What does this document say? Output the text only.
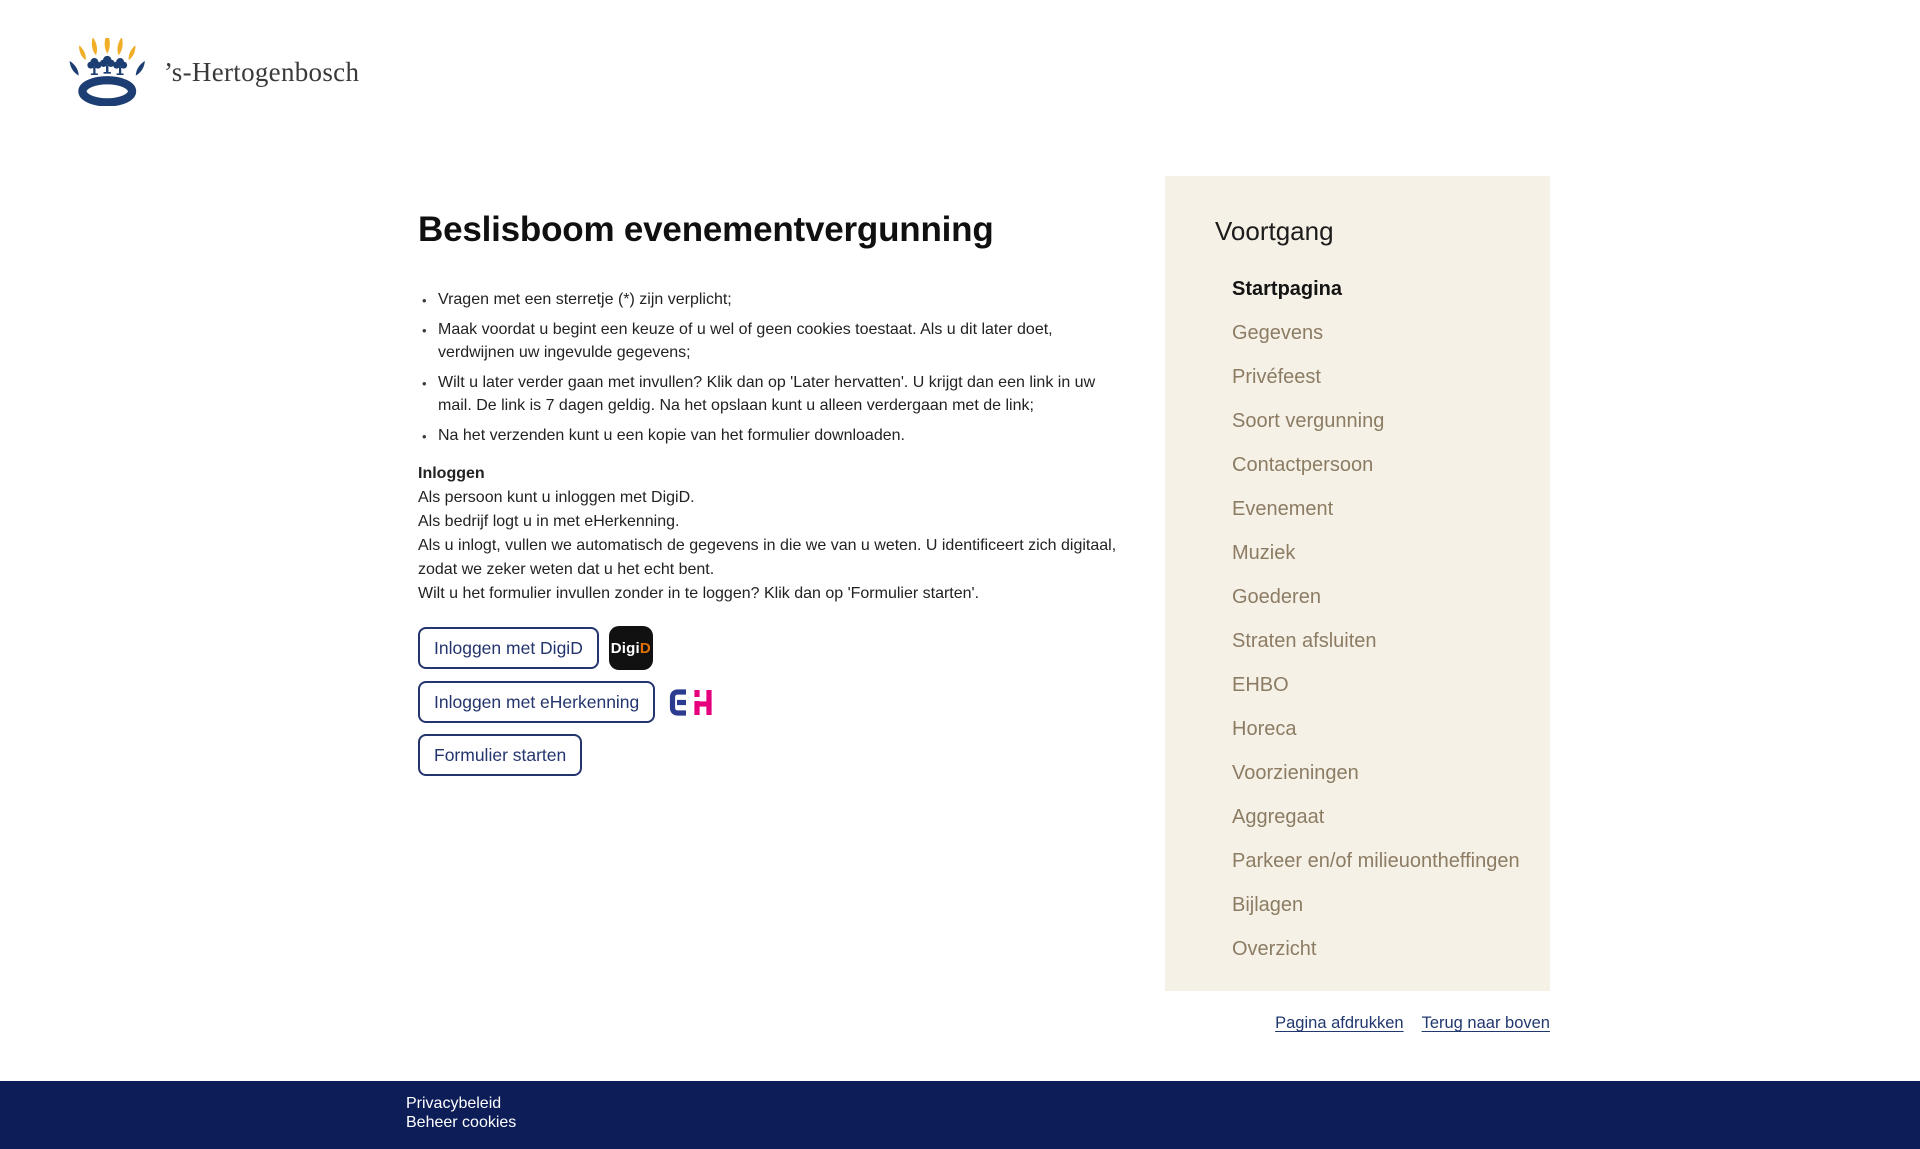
’s-Hertogenbosch
Beslisboom evenementvergunning
• Vragen met een sterretje (*) zijn verplicht;
• Maak voordat u begint een keuze of u wel of geen cookies toestaat. Als u dit later doet, verdwijnen uw ingevulde gegevens;
• Wilt u later verder gaan met invullen? Klik dan op 'Later hervatten'. U krijgt dan een link in uw mail. De link is 7 dagen geldig. Na het opslaan kunt u alleen verdergaan met de link;
• Na het verzenden kunt u een kopie van het formulier downloaden.
Inloggen
Als persoon kunt u inloggen met DigiD.
Als bedrijf logt u in met eHerkenning.
Als u inlogt, vullen we automatisch de gegevens in die we van u weten. U identificeert zich digitaal, zodat we zeker weten dat u het echt bent.
Wilt u het formulier invullen zonder in te loggen? Klik dan op 'Formulier starten'.
Inloggen met DigiD	Digi D
Inloggen met eHerkenning
Formulier starten
Voortgang
Startpagina
Gegevens
Privéfeest
Soort vergunning
Contactpersoon
Evenement
Muziek
Goederen
Straten afsluiten
EHBO
Horeca
Voorzieningen
Aggregaat
Parkeer en/of milieuontheffingen
Bijlagen
Overzicht
Pagina afdrukken Terug naar boven
Privacybeleid
Beheer cookies
